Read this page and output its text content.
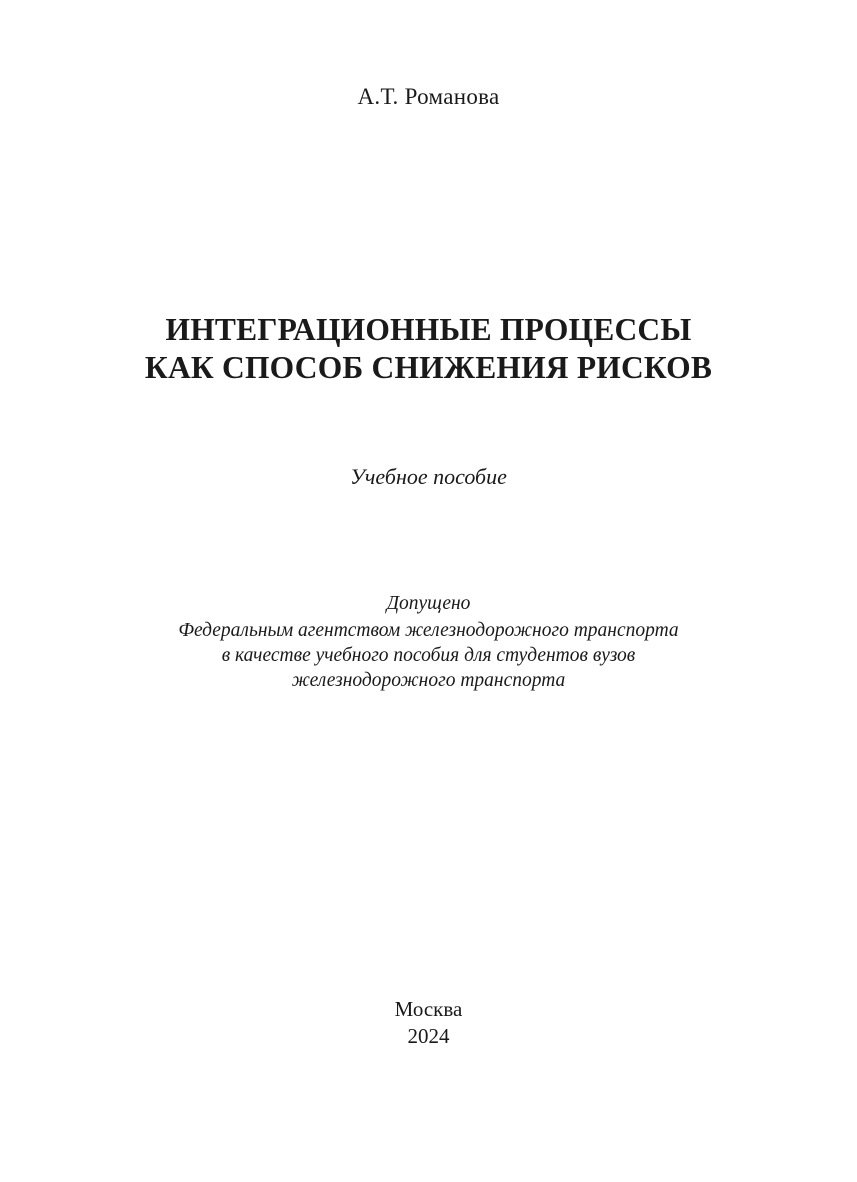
А.Т. Романова
ИНТЕГРАЦИОННЫЕ ПРОЦЕССЫ
КАК СПОСОБ СНИЖЕНИЯ РИСКОВ
Учебное пособие
Допущено
Федеральным агентством железнодорожного транспорта
в качестве учебного пособия для студентов вузов
железнодорожного транспорта
Москва
2024
